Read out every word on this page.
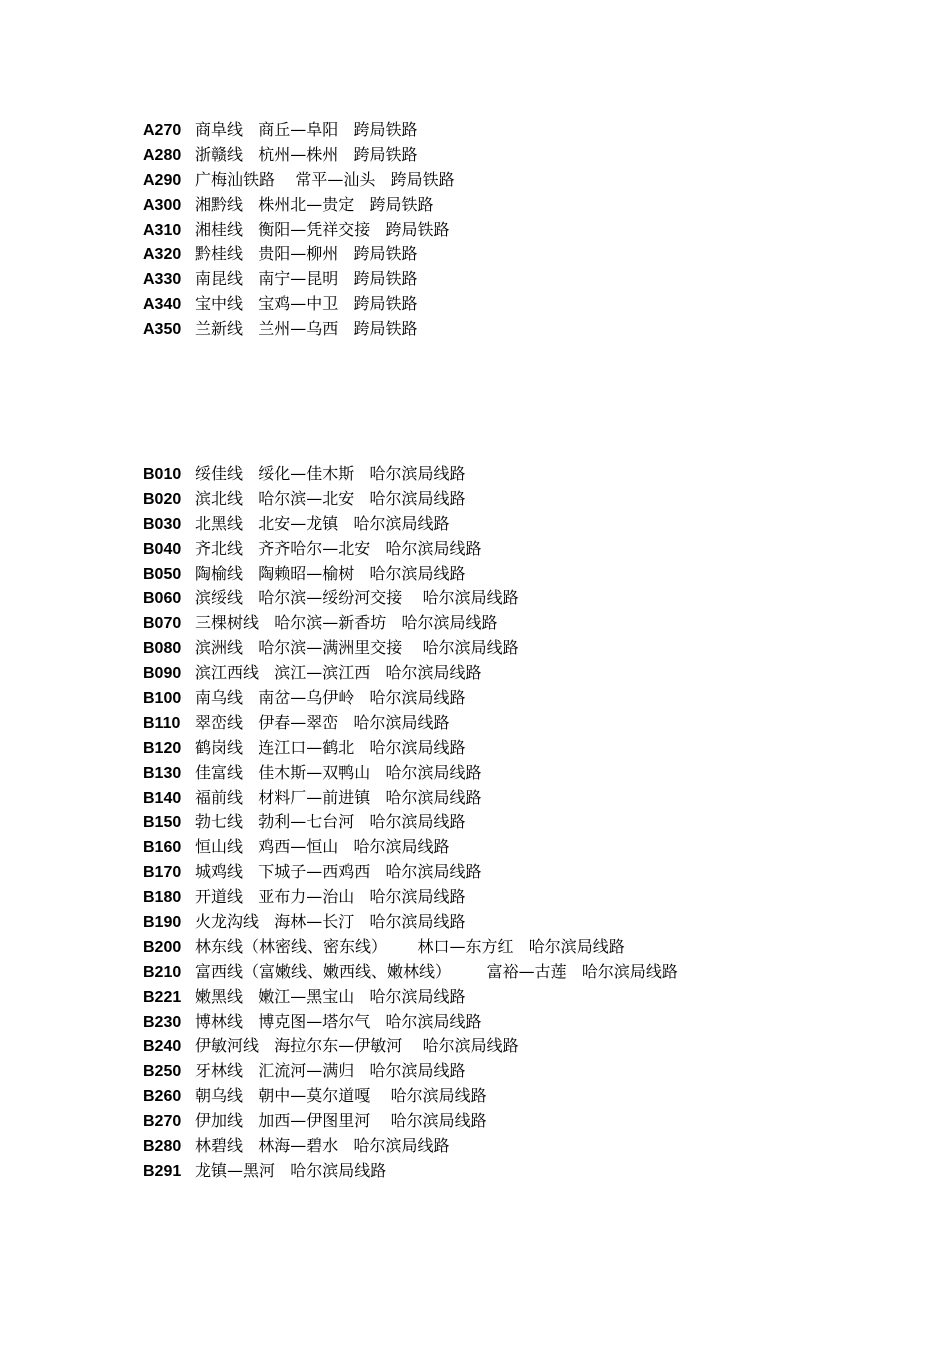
A270 商阜线   商丘—阜阳   跨局铁路
A280 浙赣线   杭州—株州   跨局铁路
A290 广梅汕铁路    常平—汕头   跨局铁路
A300 湘黔线   株州北—贵定   跨局铁路
A310 湘桂线   衡阳—凭祥交接   跨局铁路
A320 黔桂线   贵阳—柳州   跨局铁路
A330 南昆线   南宁—昆明   跨局铁路
A340 宝中线   宝鸡—中卫   跨局铁路
A350 兰新线   兰州—乌西   跨局铁路
B010 绥佳线   绥化—佳木斯   哈尔滨局线路
B020 滨北线   哈尔滨—北安   哈尔滨局线路
B030 北黑线   北安—龙镇   哈尔滨局线路
B040 齐北线   齐齐哈尔—北安   哈尔滨局线路
B050 陶榆线   陶赖昭—榆树   哈尔滨局线路
B060 滨绥线   哈尔滨—绥纷河交接    哈尔滨局线路
B070 三棵树线   哈尔滨—新香坊   哈尔滨局线路
B080 滨洲线   哈尔滨—满洲里交接    哈尔滨局线路
B090 滨江西线   滨江—滨江西   哈尔滨局线路
B100 南乌线   南岔—乌伊岭   哈尔滨局线路
B110 翠峦线   伊春—翠峦   哈尔滨局线路
B120 鹤岗线   连江口—鹤北   哈尔滨局线路
B130 佳富线   佳木斯—双鸭山   哈尔滨局线路
B140 福前线   材料厂—前进镇   哈尔滨局线路
B150 勃七线   勃利—七台河   哈尔滨局线路
B160 恒山线   鸡西—恒山   哈尔滨局线路
B170 城鸡线   下城子—西鸡西   哈尔滨局线路
B180 开道线   亚布力—治山   哈尔滨局线路
B190 火龙沟线   海林—长汀   哈尔滨局线路
B200 林东线（林密线、密东线）      林口—东方红   哈尔滨局线路
B210 富西线（富嫩线、嫩西线、嫩林线）       富裕—古莲   哈尔滨局线路
B221 嫩黑线   嫩江—黑宝山   哈尔滨局线路
B230 博林线   博克图—塔尔气   哈尔滨局线路
B240 伊敏河线   海拉尔东—伊敏河    哈尔滨局线路
B250 牙林线   汇流河—满归   哈尔滨局线路
B260 朝乌线   朝中—莫尔道嘎    哈尔滨局线路
B270 伊加线   加西—伊图里河    哈尔滨局线路
B280 林碧线   林海—碧水   哈尔滨局线路
B291 龙镇—黑河   哈尔滨局线路
